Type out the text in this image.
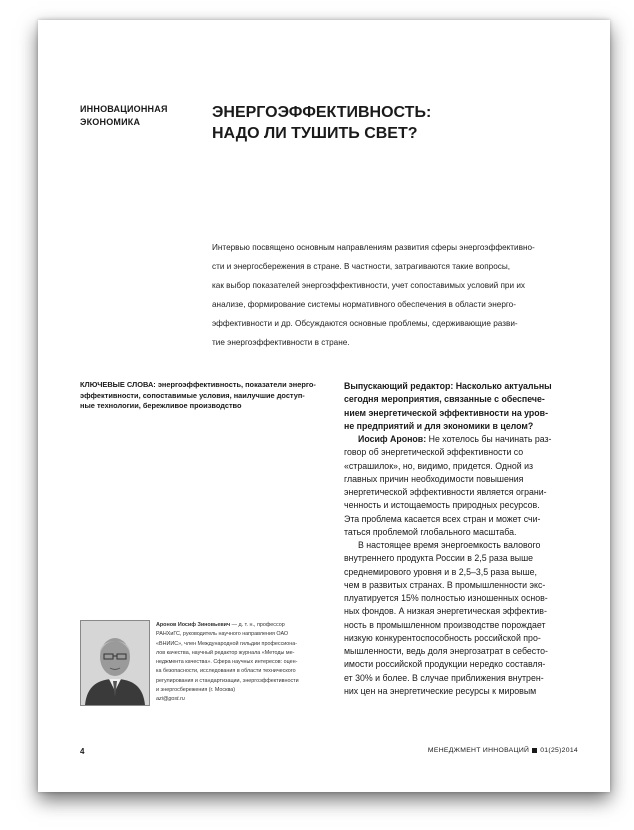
ИННОВАЦИОННАЯ
ЭКОНОМИКА
ЭНЕРГОЭФФЕКТИВНОСТЬ:
НАДО ЛИ ТУШИТЬ СВЕТ?
Интервью посвящено основным направлениям развития сферы энергоэффективно-
сти и энергосбережения в стране. В частности, затрагиваются такие вопросы,
как выбор показателей энергоэффективности, учет сопоставимых условий при их
анализе, формирование системы нормативного обеспечения в области энерго-
эффективности и др. Обсуждаются основные проблемы, сдерживающие разви-
тие энергоэффективности в стране.
КЛЮЧЕВЫЕ СЛОВА: энергоэффективность, показатели энерго-
эффективности, сопоставимые условия, наилучшие доступ-
ные технологии, бережливое производство
Выпускающий редактор: Насколько актуальны
сегодня мероприятия, связанные с обеспече-
нием энергетической эффективности на уров-
не предприятий и для экономики в целом?
Иосиф Аронов: Не хотелось бы начинать раз-
говор об энергетической эффективности со
«страшилок», но, видимо, придется. Одной из
главных причин необходимости повышения
энергетической эффективности является ограни-
ченность и истощаемость природных ресурсов.
Эта проблема касается всех стран и может счи-
таться проблемой глобального масштаба.
В настоящее время энергоемкость валового
внутреннего продукта России в 2,5 раза выше
среднемирового уровня и в 2,5–3,5 раза выше,
чем в развитых странах. В промышленности экс-
плуатируется 15% полностью изношенных основ-
ных фондов. А низкая энергетическая эффектив-
ность в промышленном производстве порождает
низкую конкурентоспособность российской про-
мышленности, ведь доля энергозатрат в себесто-
имости российской продукции нередко составля-
ет 30% и более. В случае приближения внутрен-
них цен на энергетические ресурсы к мировым
Аронов Иосиф Зиновьевич — д. т. н., профессор
РАНХиГС, руководитель научного направления ОАО
«ВНИИС», член Международной гильдии профессиона-
лов качества, научный редактор журнала «Методы ме-
неджмента качества». Сфера научных интересов: оцен-
ка безопасности, исследования в области технического
регулирования и стандартизации, энергоэффективности
и энергосбережения (г. Москва)
azi@gost.ru
4	МЕНЕДЖМЕНТ ИННОВАЦИЙ 01(25)2014
